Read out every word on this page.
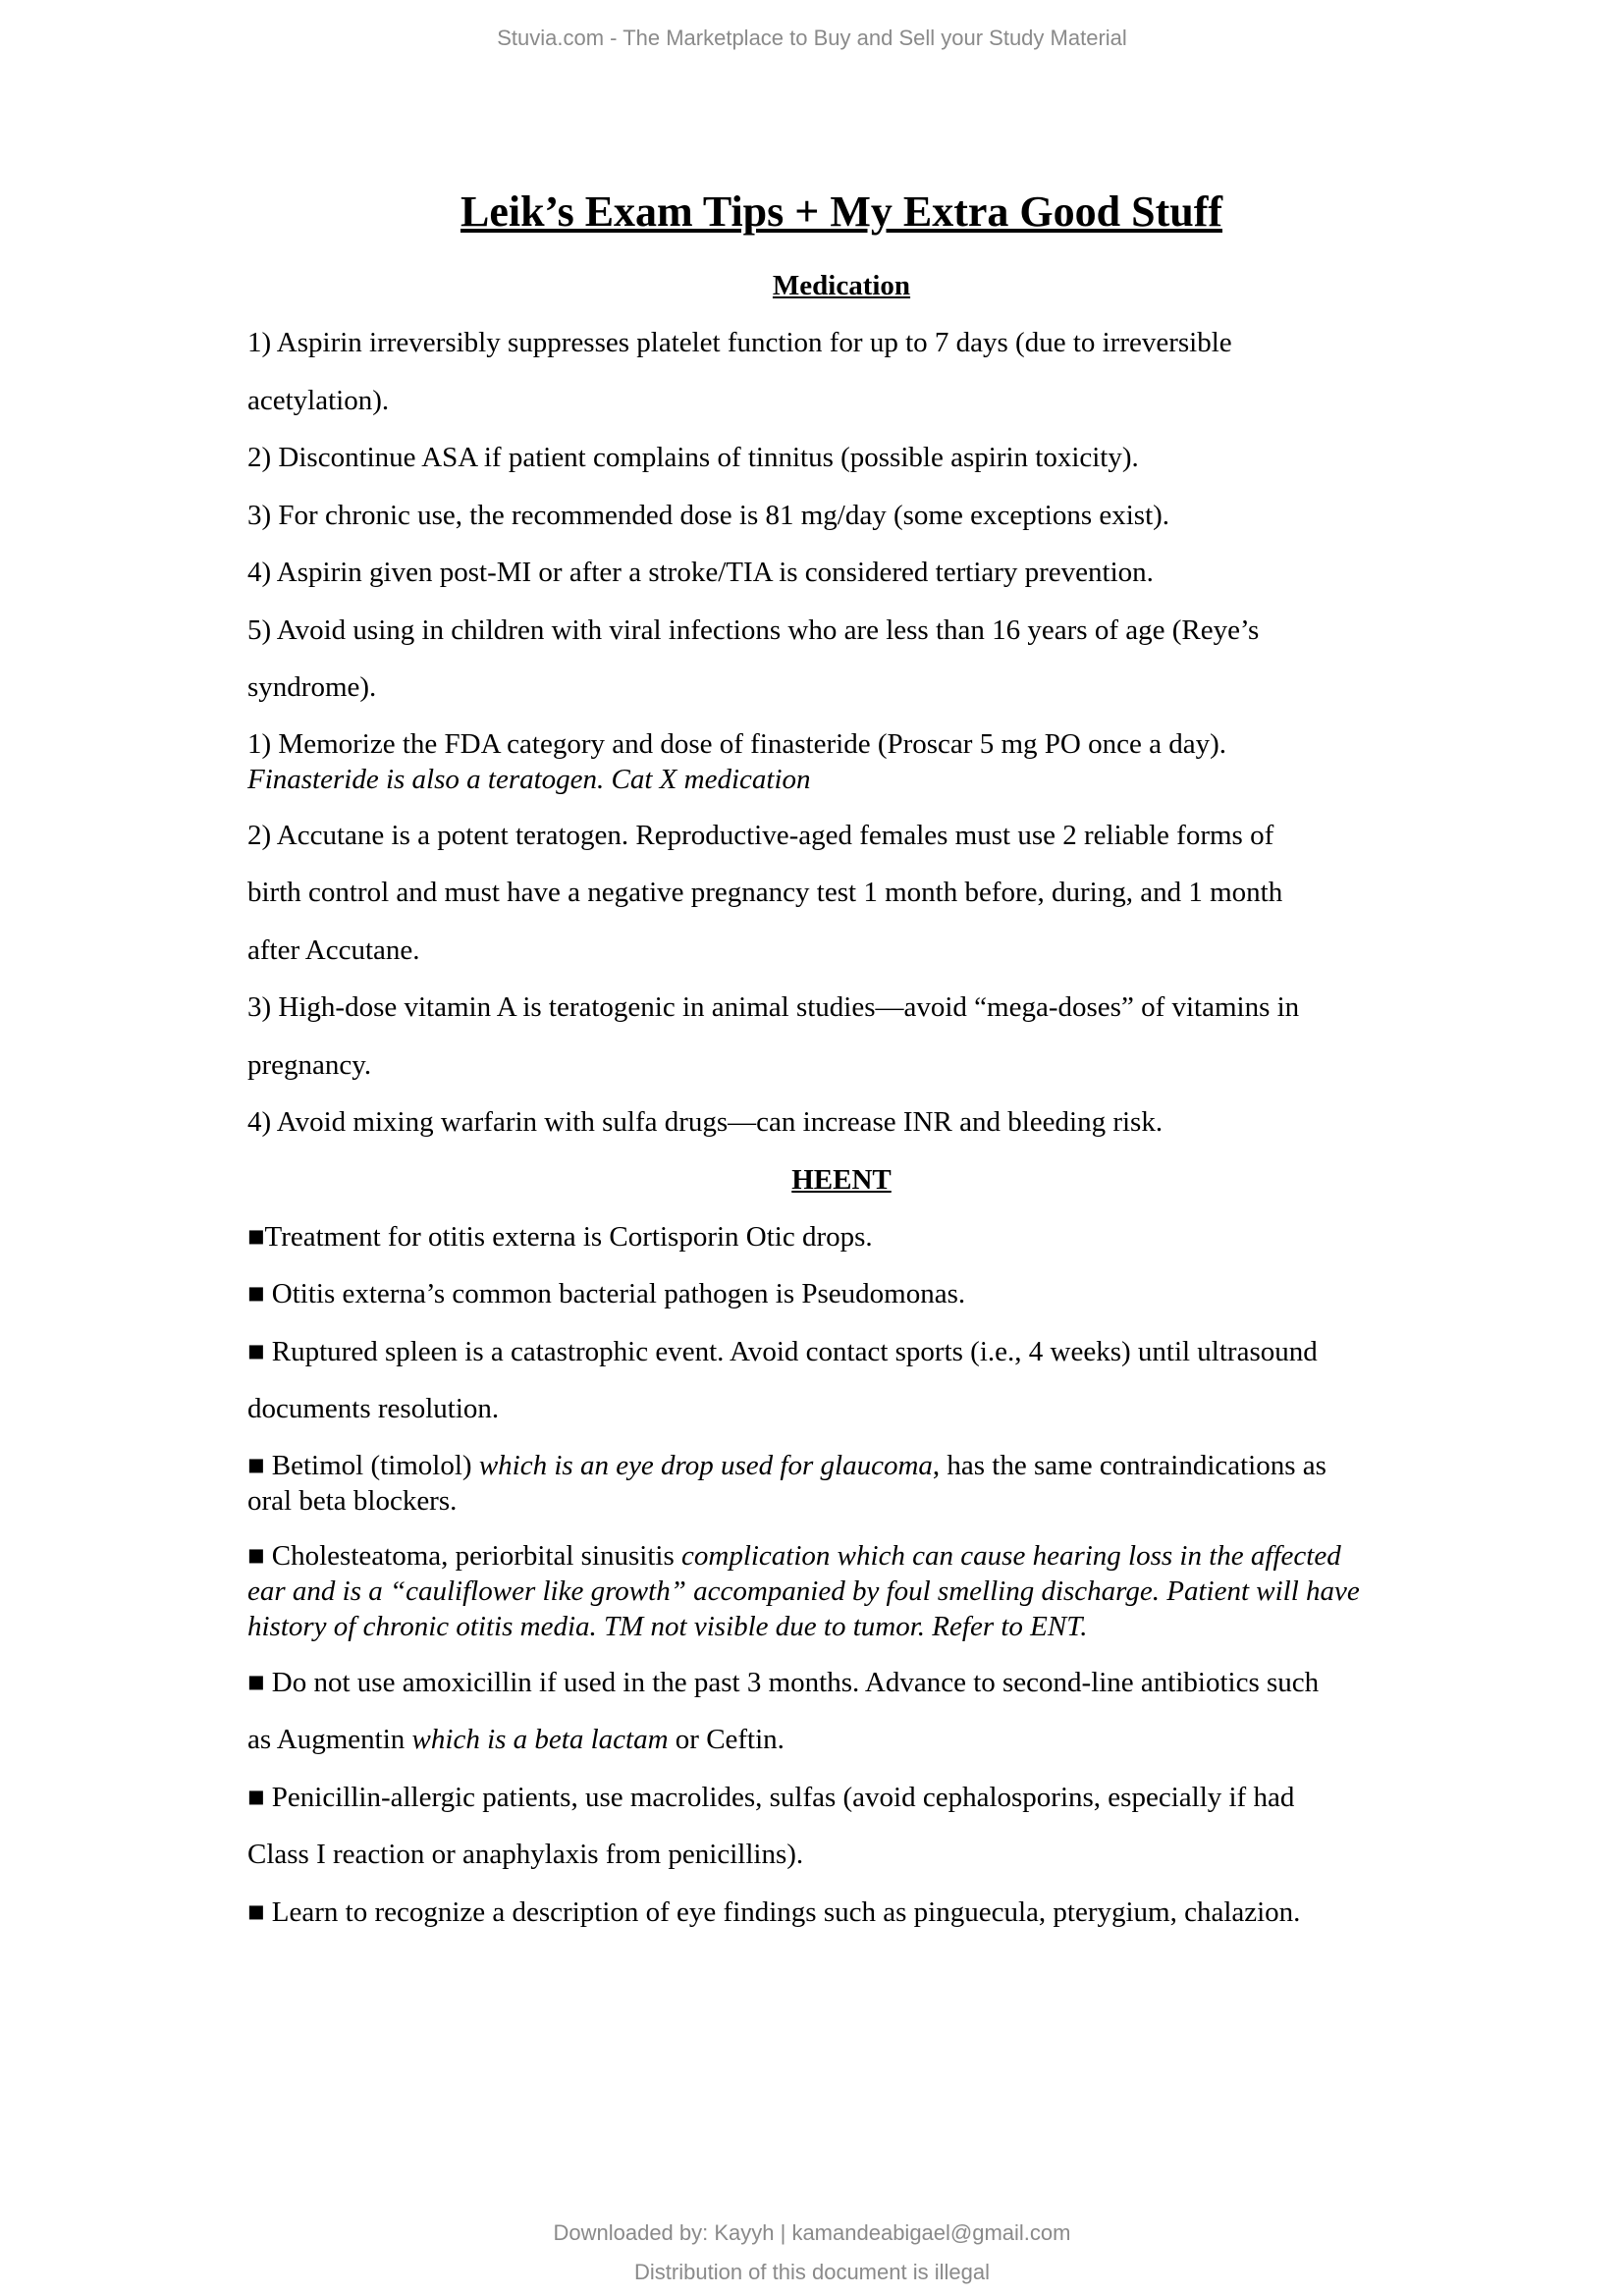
Stuvia.com - The Marketplace to Buy and Sell your Study Material
Leik’s Exam Tips + My Extra Good Stuff
Medication
1) Aspirin irreversibly suppresses platelet function for up to 7 days (due to irreversible
acetylation).
2) Discontinue ASA if patient complains of tinnitus (possible aspirin toxicity).
3) For chronic use, the recommended dose is 81 mg/day (some exceptions exist).
4) Aspirin given post-MI or after a stroke/TIA is considered tertiary prevention.
5) Avoid using in children with viral infections who are less than 16 years of age (Reye’s
syndrome).
1) Memorize the FDA category and dose of finasteride (Proscar 5 mg PO once a day).
Finasteride is also a teratogen. Cat X medication
2) Accutane is a potent teratogen. Reproductive-aged females must use 2 reliable forms of
birth control and must have a negative pregnancy test 1 month before, during, and 1 month
after Accutane.
3) High-dose vitamin A is teratogenic in animal studies—avoid “mega-doses” of vitamins in
pregnancy.
4) Avoid mixing warfarin with sulfa drugs—can increase INR and bleeding risk.
HEENT
■Treatment for otitis externa is Cortisporin Otic drops.
■ Otitis externa’s common bacterial pathogen is Pseudomonas.
■ Ruptured spleen is a catastrophic event. Avoid contact sports (i.e., 4 weeks) until ultrasound
documents resolution.
■ Betimol (timolol) which is an eye drop used for glaucoma, has the same contraindications as
oral beta blockers.
■ Cholesteatoma, periorbital sinusitis complication which can cause hearing loss in the affected
ear and is a “cauliflower like growth” accompanied by foul smelling discharge. Patient will have
history of chronic otitis media. TM not visible due to tumor. Refer to ENT.
■ Do not use amoxicillin if used in the past 3 months. Advance to second-line antibiotics such
as Augmentin which is a beta lactam or Ceftin.
■ Penicillin-allergic patients, use macrolides, sulfas (avoid cephalosporins, especially if had
Class I reaction or anaphylaxis from penicillins).
■ Learn to recognize a description of eye findings such as pinguecula, pterygium, chalazion.
Downloaded by: Kayyh | kamandeabigael@gmail.com
Distribution of this document is illegal
